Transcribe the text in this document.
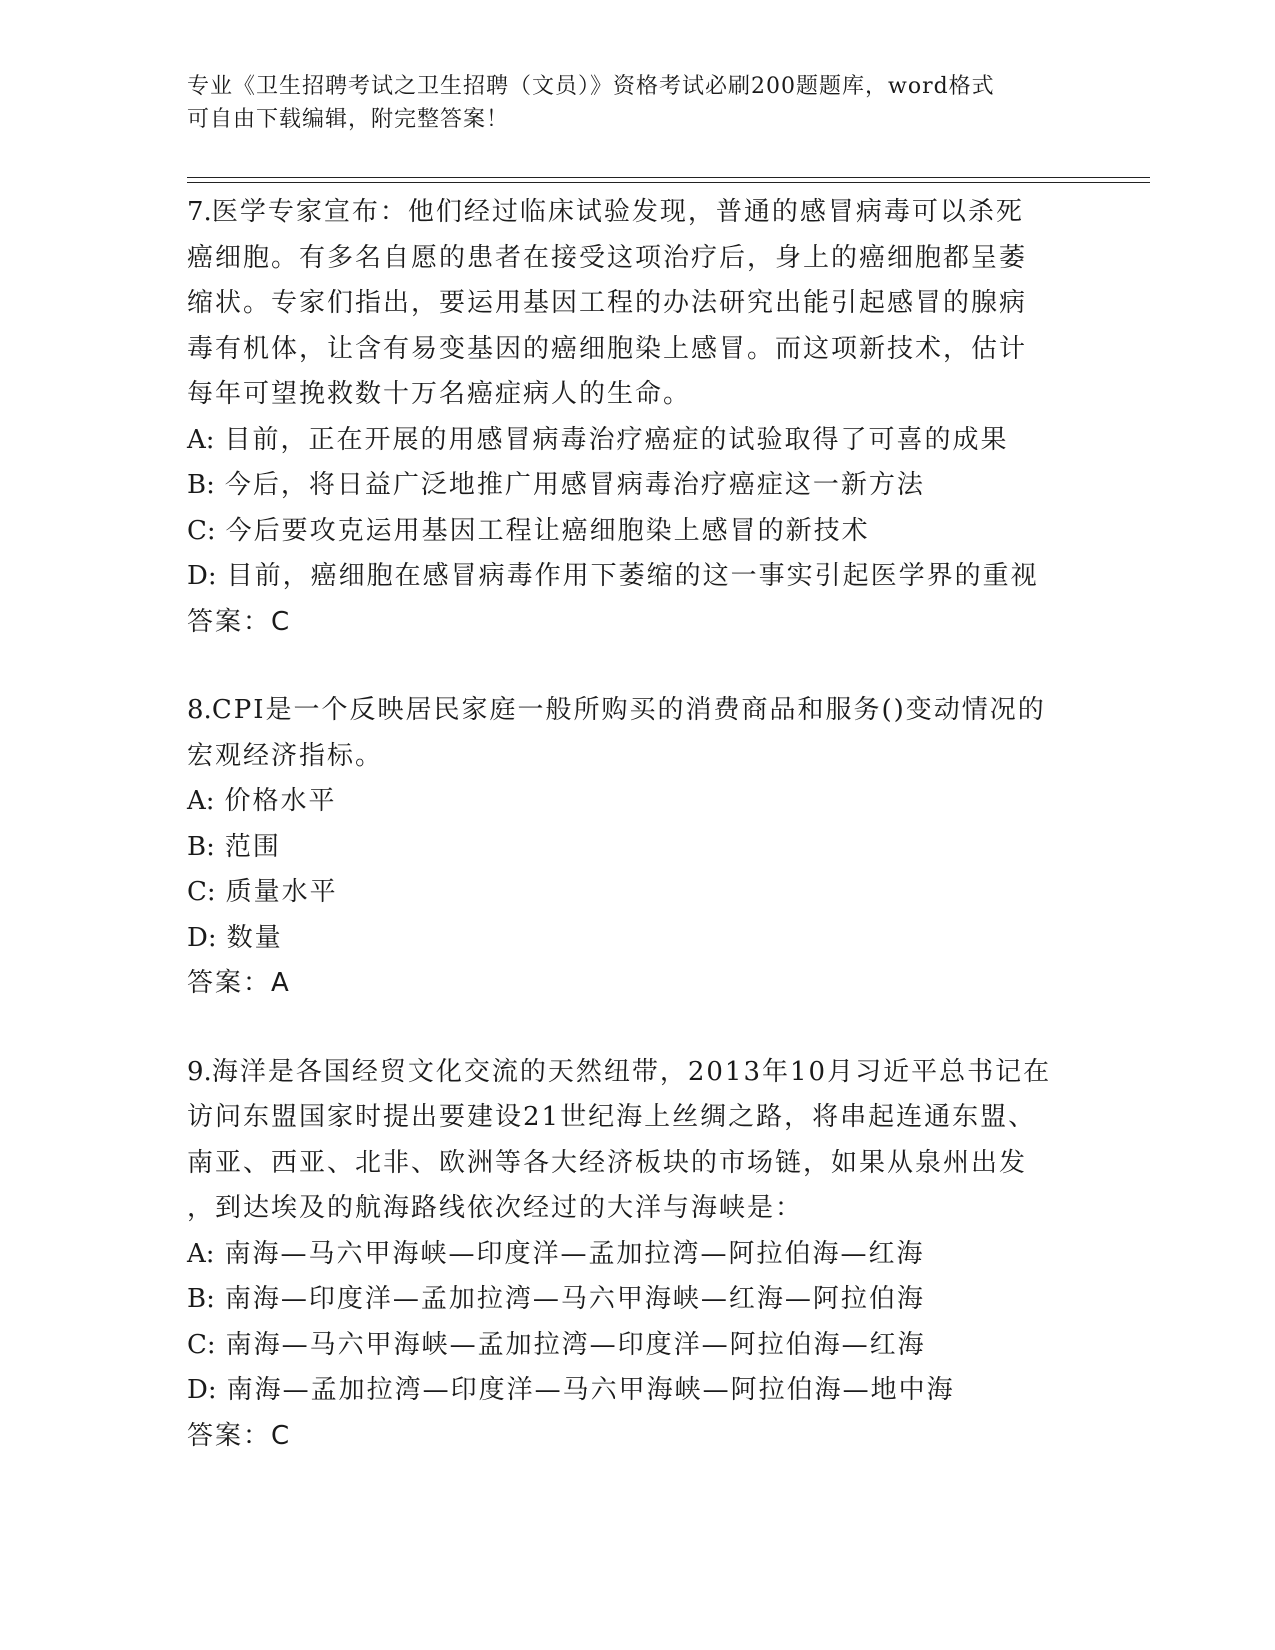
专业《卫生招聘考试之卫生招聘（文员）》资格考试必刷200题题库，word格式
可自由下载编辑，附完整答案！
7.医学专家宣布：他们经过临床试验发现，普通的感冒病毒可以杀死
癌细胞。有多名自愿的患者在接受这项治疗后，身上的癌细胞都呈萎
缩状。专家们指出，要运用基因工程的办法研究出能引起感冒的腺病
毒有机体，让含有易变基因的癌细胞染上感冒。而这项新技术，估计
每年可望挽救数十万名癌症病人的生命。
A: 目前，正在开展的用感冒病毒治疗癌症的试验取得了可喜的成果
B: 今后，将日益广泛地推广用感冒病毒治疗癌症这一新方法
C: 今后要攻克运用基因工程让癌细胞染上感冒的新技术
D: 目前，癌细胞在感冒病毒作用下萎缩的这一事实引起医学界的重视
答案：C
8.CPI是一个反映居民家庭一般所购买的消费商品和服务()变动情况的
宏观经济指标。
A: 价格水平
B: 范围
C: 质量水平
D: 数量
答案：A
9.海洋是各国经贸文化交流的天然纽带，2013年10月习近平总书记在
访问东盟国家时提出要建设21世纪海上丝绸之路，将串起连通东盟、
南亚、西亚、北非、欧洲等各大经济板块的市场链，如果从泉州出发
，到达埃及的航海路线依次经过的大洋与海峡是：
A: 南海—马六甲海峡—印度洋—孟加拉湾—阿拉伯海—红海
B: 南海—印度洋—孟加拉湾—马六甲海峡—红海—阿拉伯海
C: 南海—马六甲海峡—孟加拉湾—印度洋—阿拉伯海—红海
D: 南海—孟加拉湾—印度洋—马六甲海峡—阿拉伯海—地中海
答案：C
